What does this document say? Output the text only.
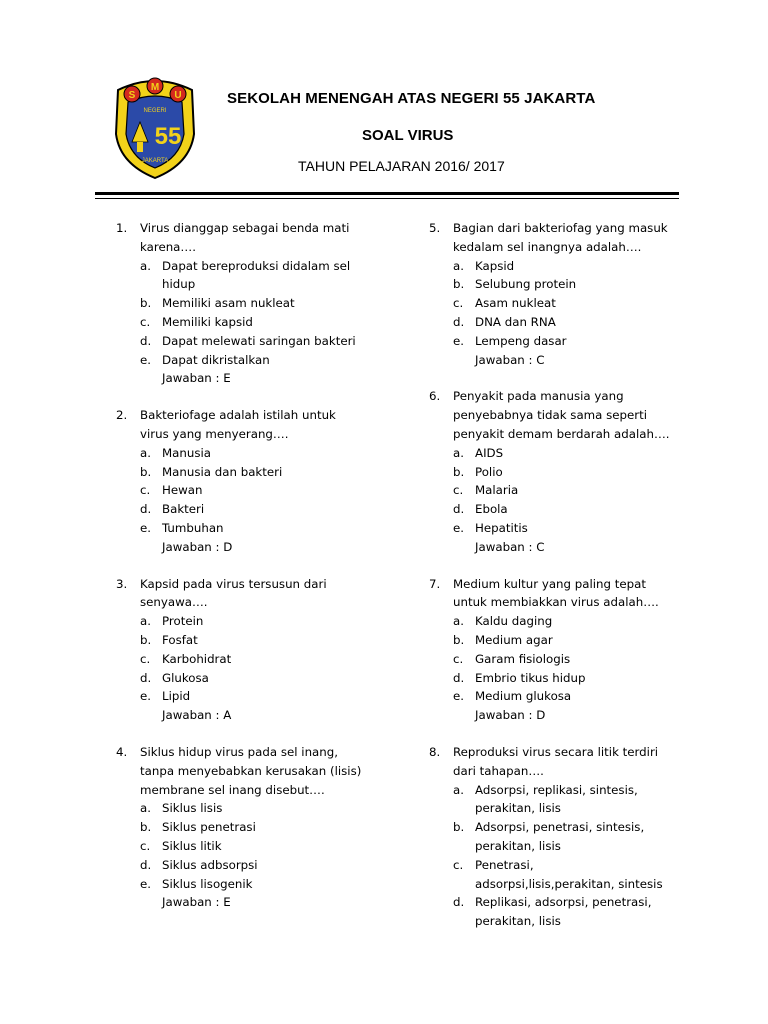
S
M
U
NEGERI
55
JAKARTA
SEKOLAH MENENGAH ATAS NEGERI 55 JAKARTA
SOAL VIRUS
TAHUN PELAJARAN 2016/ 2017
1.	Virus dianggap sebagai benda mati karena….
a. Dapat bereproduksi didalam sel hidup
b. Memiliki asam nukleat
c. Memiliki kapsid
d. Dapat melewati saringan bakteri
e. Dapat dikristalkan
Jawaban : E
2.	Bakteriofage adalah istilah untuk virus yang menyerang….
a. Manusia
b. Manusia dan bakteri
c. Hewan
d. Bakteri
e. Tumbuhan
Jawaban : D
3.	Kapsid pada virus tersusun dari senyawa….
a. Protein
b. Fosfat
c. Karbohidrat
d. Glukosa
e. Lipid
Jawaban : A
4.	Siklus hidup virus pada sel inang, tanpa menyebabkan kerusakan (lisis) membrane sel inang disebut….
a. Siklus lisis
b. Siklus penetrasi
c. Siklus litik
d. Siklus adbsorpsi
e. Siklus lisogenik
Jawaban : E
5.	Bagian dari bakteriofag yang masuk kedalam sel inangnya adalah….
a. Kapsid
b. Selubung protein
c. Asam nukleat
d. DNA dan RNA
e. Lempeng dasar
Jawaban : C
6.	Penyakit pada manusia yang penyebabnya tidak sama seperti penyakit demam berdarah adalah….
a. AIDS
b. Polio
c. Malaria
d. Ebola
e. Hepatitis
Jawaban : C
7.	Medium kultur yang paling tepat untuk membiakkan virus adalah….
a. Kaldu daging
b. Medium agar
c. Garam fisiologis
d. Embrio tikus hidup
e. Medium glukosa
Jawaban : D
8.	Reproduksi virus secara litik terdiri dari tahapan….
a. Adsorpsi, replikasi, sintesis, perakitan, lisis
b. Adsorpsi, penetrasi, sintesis, perakitan, lisis
c. Penetrasi, adsorpsi,lisis,perakitan, sintesis
d. Replikasi, adsorpsi, penetrasi, perakitan, lisis
